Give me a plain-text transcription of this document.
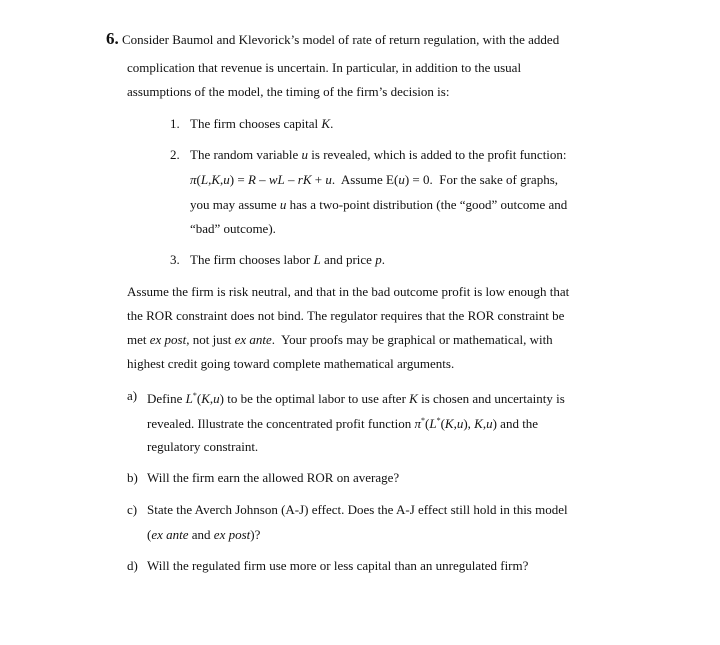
6. Consider Baumol and Klevorick’s model of rate of return regulation, with the added
complication that revenue is uncertain. In particular, in addition to the usual
assumptions of the model, the timing of the firm’s decision is:
1. The firm chooses capital K.
2. The random variable u is revealed, which is added to the profit function:
π(L,K,u) = R – wL – rK + u.  Assume E(u) = 0.  For the sake of graphs,
you may assume u has a two-point distribution (the “good” outcome and
“bad” outcome).
3. The firm chooses labor L and price p.
Assume the firm is risk neutral, and that in the bad outcome profit is low enough that
the ROR constraint does not bind. The regulator requires that the ROR constraint be
met ex post, not just ex ante.  Your proofs may be graphical or mathematical, with
highest credit going toward complete mathematical arguments.
a) Define L*(K,u) to be the optimal labor to use after K is chosen and uncertainty is
revealed. Illustrate the concentrated profit function π*(L*(K,u), K,u) and the
regulatory constraint.
b) Will the firm earn the allowed ROR on average?
c) State the Averch Johnson (A-J) effect. Does the A-J effect still hold in this model
(ex ante and ex post)?
d) Will the regulated firm use more or less capital than an unregulated firm?
